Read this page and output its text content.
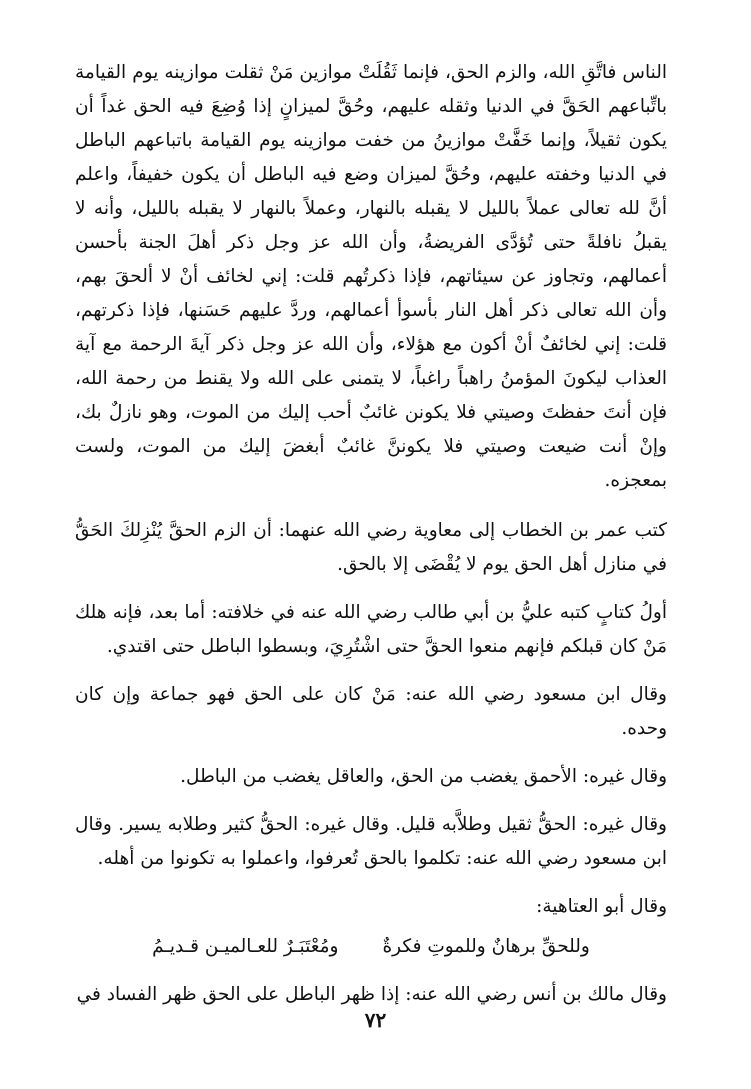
الناس فاتَّقِ الله، والزم الحق، فإنما ثَقُلَتْ موازين مَنْ ثقلت موازينه يوم القيامة باتِّباعهم الحَقَّ في الدنيا وثقله عليهم، وحُقَّ لميزانٍ إذا وُضِعَ فيه الحق غداً أن يكون ثقيلاً، وإنما خَفَّتْ موازينُ من خفت موازينه يوم القيامة باتباعهم الباطل في الدنيا وخفته عليهم، وحُقَّ لميزان وضع فيه الباطل أن يكون خفيفاً، واعلم أنَّ لله تعالى عملاً بالليل لا يقبله بالنهار، وعملاً بالنهار لا يقبله بالليل، وأنه لا يقبلُ نافلةً حتى تُؤدَّى الفريضةُ، وأن الله عز وجل ذكر أهلَ الجنة بأحسن أعمالهم، وتجاوز عن سيئاتهم، فإذا ذكرتُهم قلت: إني لخائف أنْ لا ألحقَ بهم، وأن الله تعالى ذكر أهل النار بأسوأ أعمالهم، وردَّ عليهم حَسَنها، فإذا ذكرتهم، قلت: إني لخائفٌ أنْ أكون مع هؤلاء، وأن الله عز وجل ذكر آيةَ الرحمة مع آية العذاب ليكونَ المؤمنُ راهباً راغباً، لا يتمنى على الله ولا يقنط من رحمة الله، فإن أنتَ حفظتَ وصيتي فلا يكونن غائبٌ أحب إليك من الموت، وهو نازلٌ بك، وإنْ أنت ضيعت وصيتي فلا يكوننَّ غائبٌ أبغضَ إليك من الموت، ولست بمعجزه.

كتب عمر بن الخطاب إلى معاوية رضي الله عنهما: أن الزم الحقَّ يُنْزِلكَ الحَقُّ في منازل أهل الحق يوم لا يُقْضَى إلا بالحق.

أولُ كتابٍ كتبه عليُّ بن أبي طالب رضي الله عنه في خلافته: أما بعد، فإنه هلك مَنْ كان قبلكم فإنهم منعوا الحقَّ حتى اشْتُرِيَ، وبسطوا الباطل حتى اقتدي.

وقال ابن مسعود رضي الله عنه: مَنْ كان على الحق فهو جماعة وإن كان وحده.

وقال غيره: الأحمق يغضب من الحق، والعاقل يغضب من الباطل.

وقال غيره: الحقُّ ثقيل وطلاَّبه قليل. وقال غيره: الحقُّ كثير وطلابه يسير. وقال ابن مسعود رضي الله عنه: تكلموا بالحق تُعرفوا، واعملوا به تكونوا من أهله.

وقال أبو العتاهية:

وللحقِّ برهانٌ وللموتِ فكرةٌ
ومُعْتَبَـرٌ للعـالميـن قـديـمُ

وقال مالك بن أنس رضي الله عنه: إذا ظهر الباطل على الحق ظهر الفساد في

٧٢
